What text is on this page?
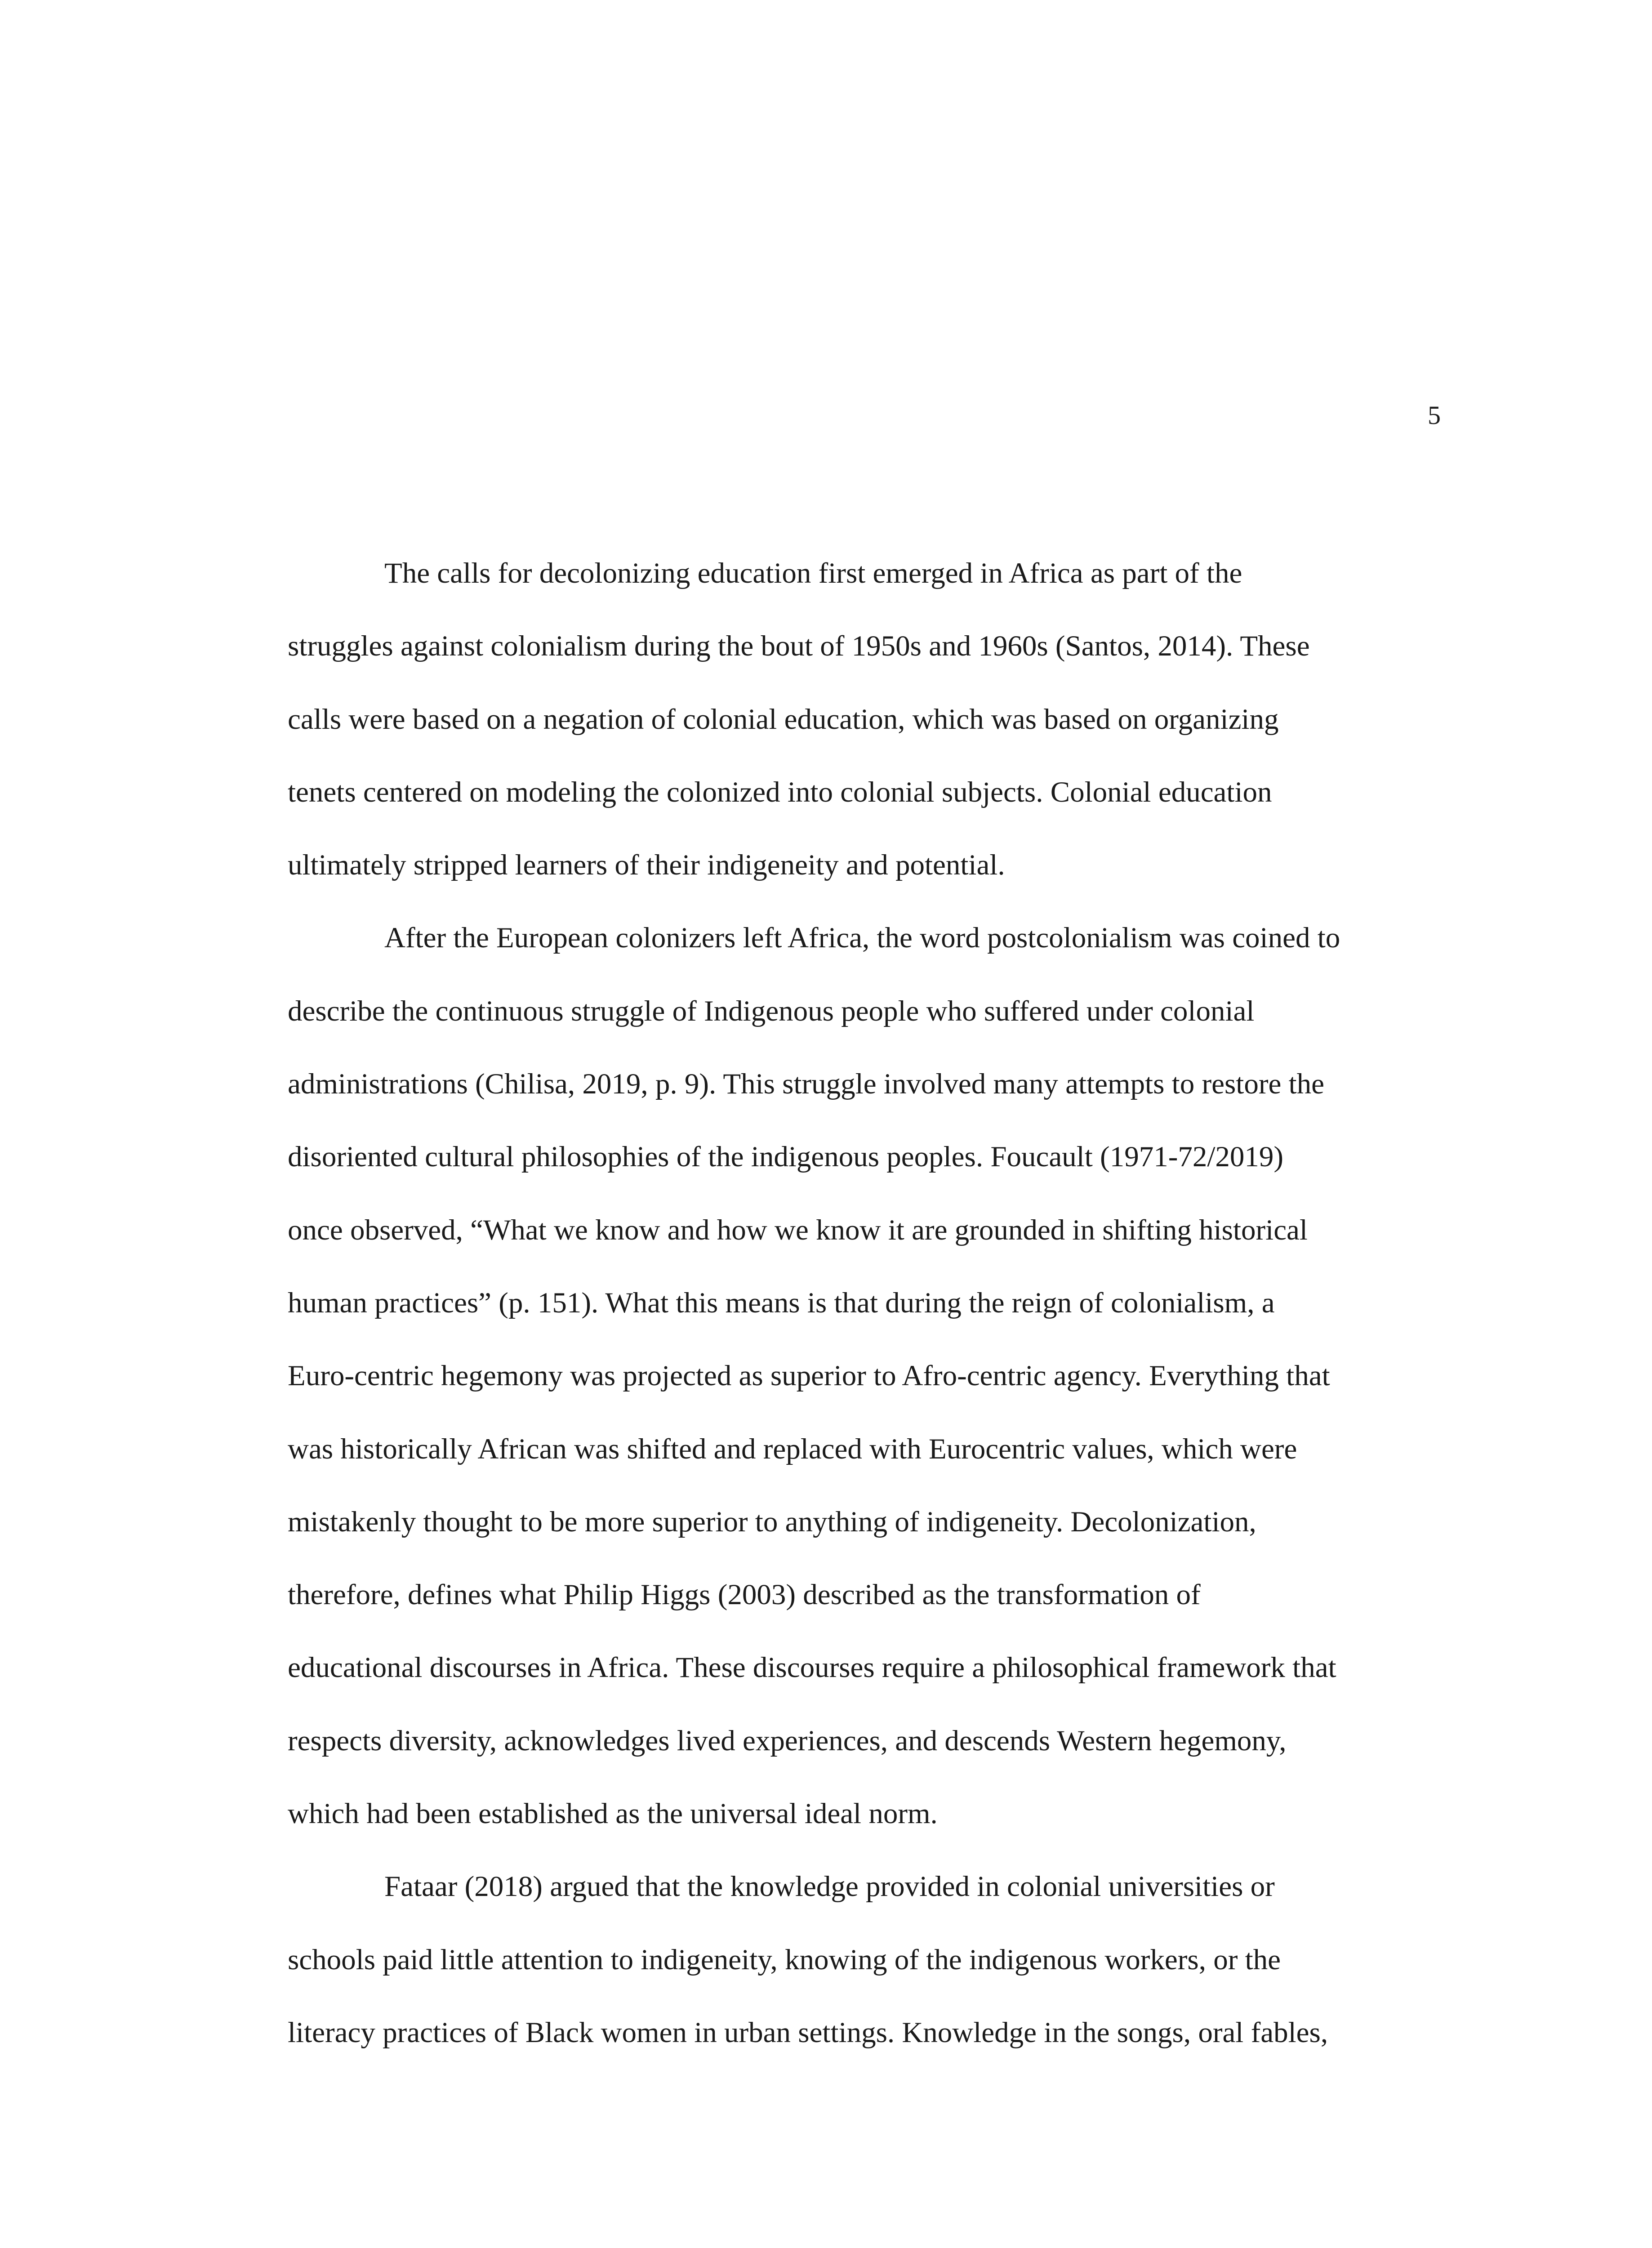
5
The calls for decolonizing education first emerged in Africa as part of the
struggles against colonialism during the bout of 1950s and 1960s (Santos, 2014). These
calls were based on a negation of colonial education, which was based on organizing
tenets centered on modeling the colonized into colonial subjects. Colonial education
ultimately stripped learners of their indigeneity and potential.
After the European colonizers left Africa, the word postcolonialism was coined to
describe the continuous struggle of Indigenous people who suffered under colonial
administrations (Chilisa, 2019, p. 9). This struggle involved many attempts to restore the
disoriented cultural philosophies of the indigenous peoples. Foucault (1971-72/2019)
once observed, “What we know and how we know it are grounded in shifting historical
human practices” (p. 151). What this means is that during the reign of colonialism, a
Euro-centric hegemony was projected as superior to Afro-centric agency. Everything that
was historically African was shifted and replaced with Eurocentric values, which were
mistakenly thought to be more superior to anything of indigeneity. Decolonization,
therefore, defines what Philip Higgs (2003) described as the transformation of
educational discourses in Africa. These discourses require a philosophical framework that
respects diversity, acknowledges lived experiences, and descends Western hegemony,
which had been established as the universal ideal norm.
Fataar (2018) argued that the knowledge provided in colonial universities or
schools paid little attention to indigeneity, knowing of the indigenous workers, or the
literacy practices of Black women in urban settings. Knowledge in the songs, oral fables,
